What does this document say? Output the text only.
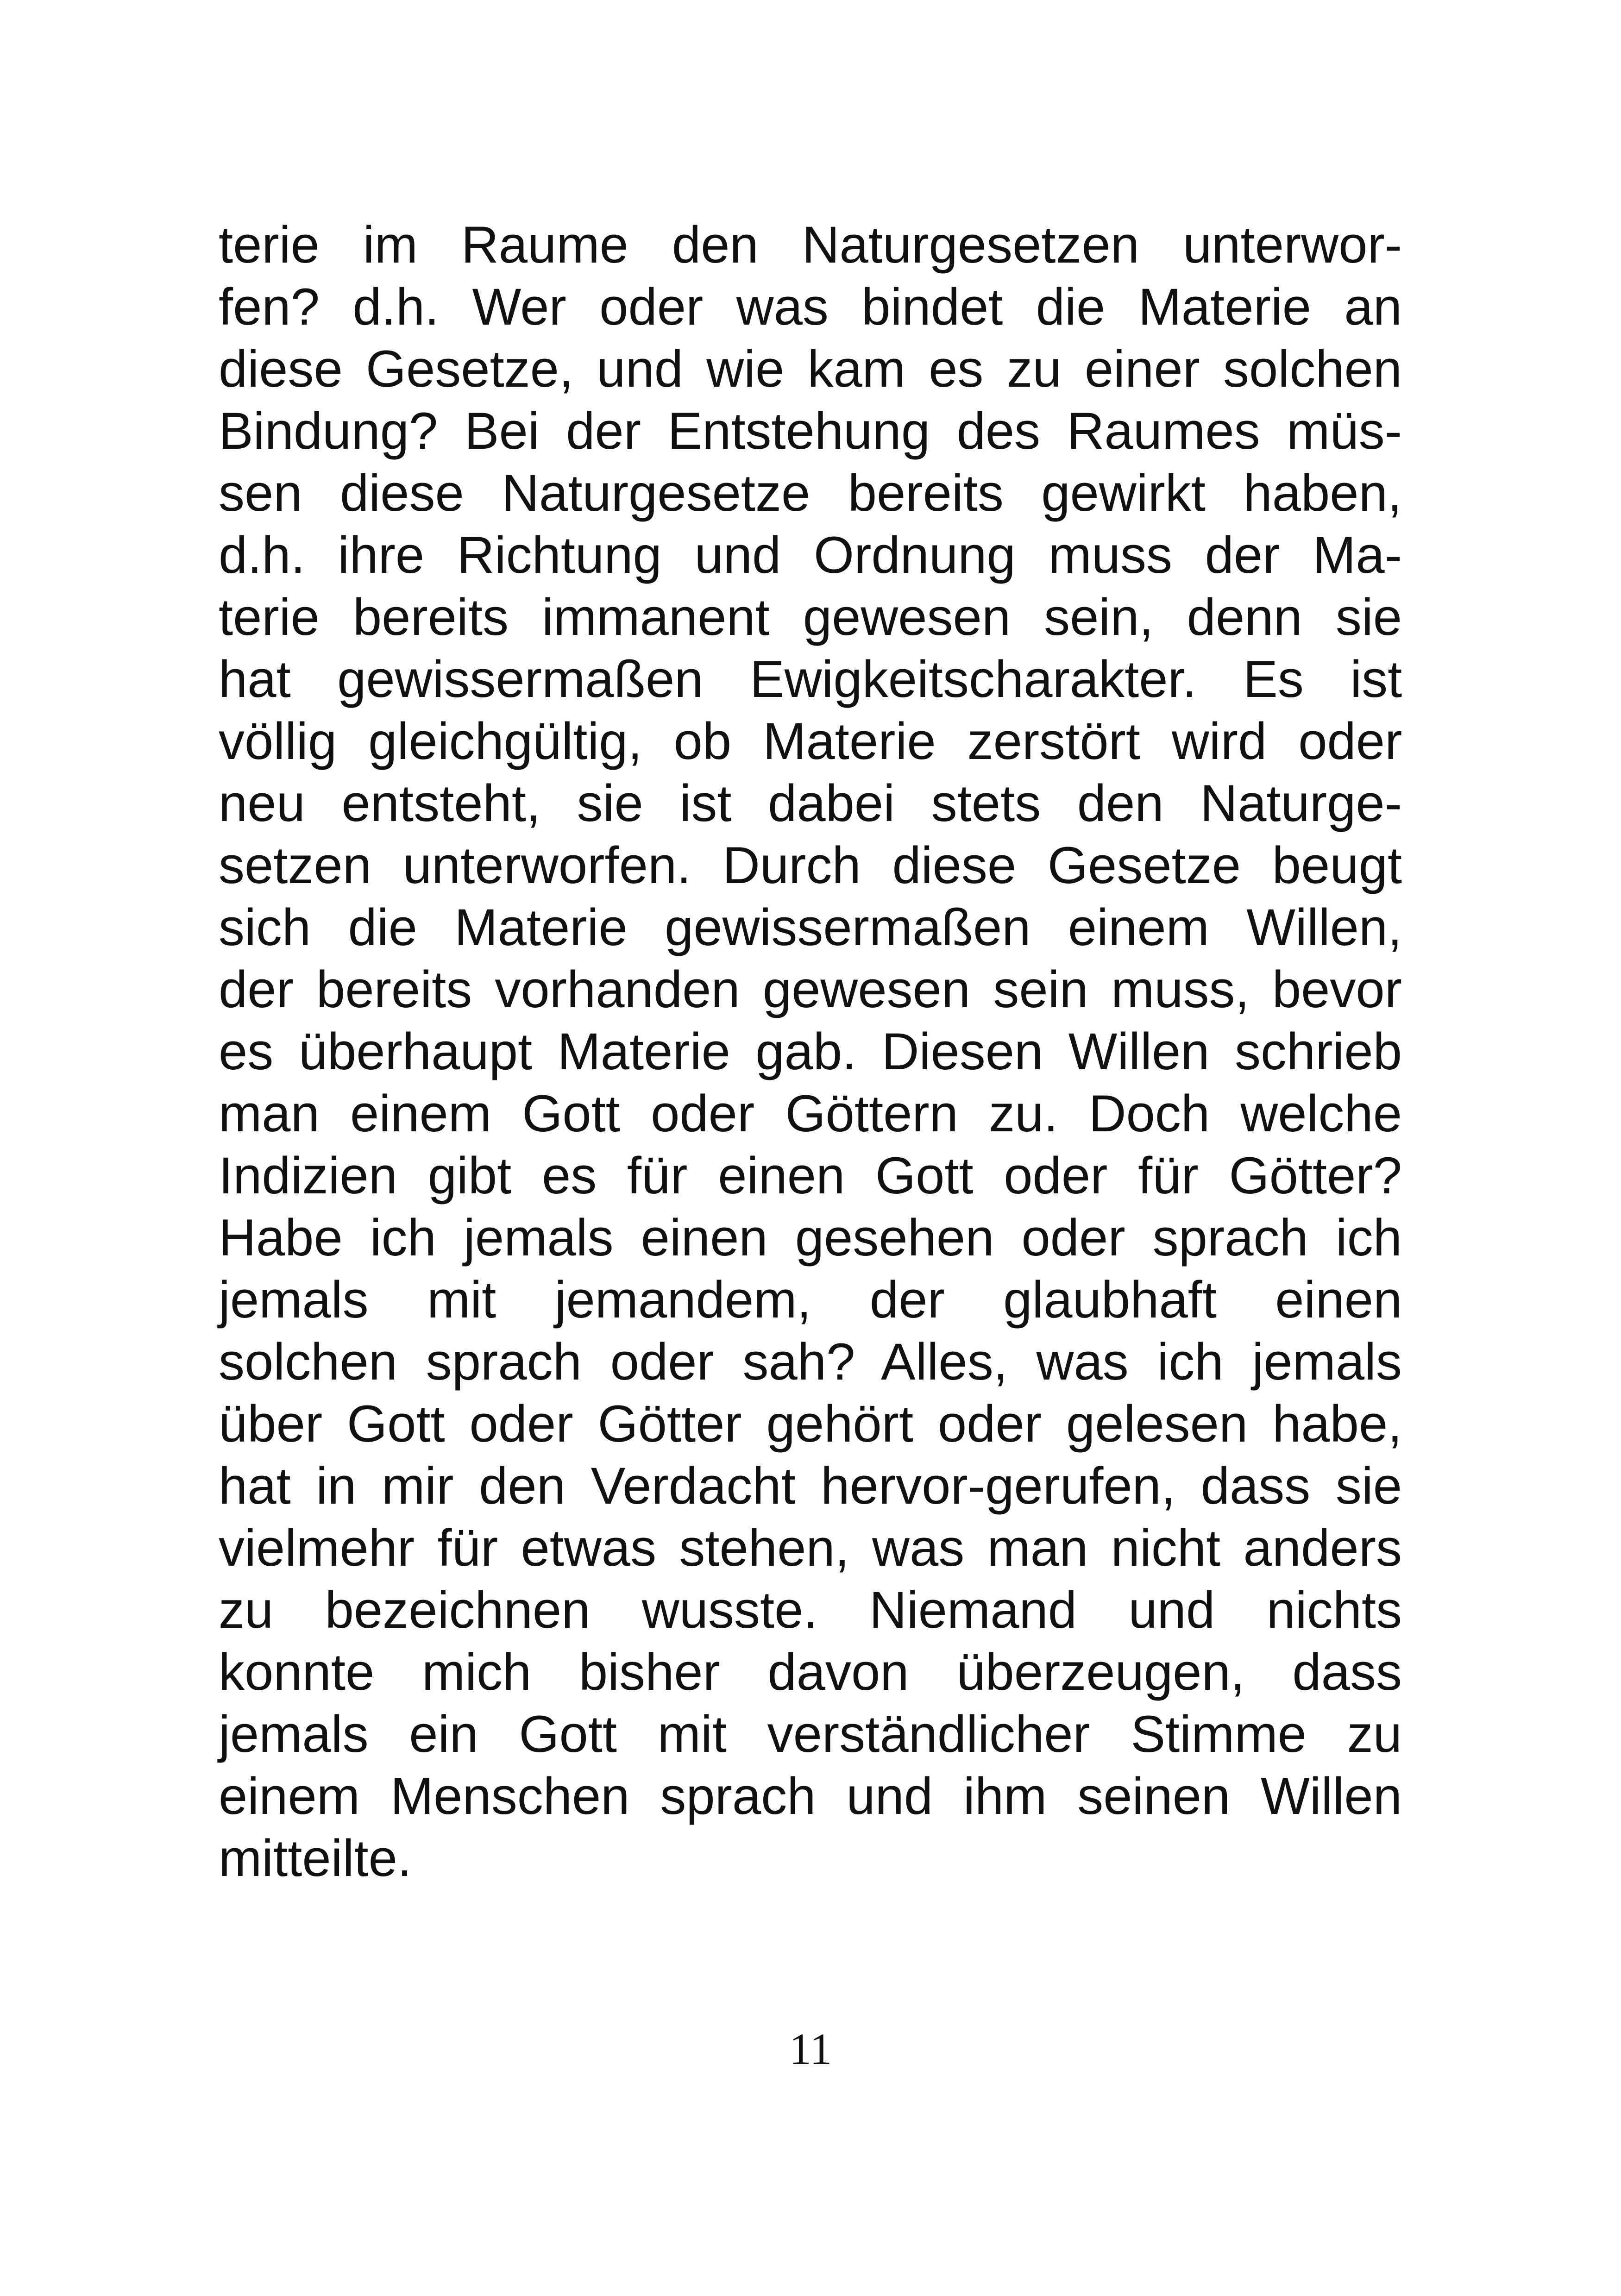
terie im Raume den Naturgesetzen unterwor-
fen? d.h. Wer oder was bindet die Materie an
diese Gesetze, und wie kam es zu einer solchen
Bindung? Bei der Entstehung des Raumes müs-
sen diese Naturgesetze bereits gewirkt haben,
d.h. ihre Richtung und Ordnung muss der Ma-
terie bereits immanent gewesen sein, denn sie
hat gewissermaßen Ewigkeitscharakter. Es ist
völlig gleichgültig, ob Materie zerstört wird oder
neu entsteht, sie ist dabei stets den Naturge-
setzen unterworfen. Durch diese Gesetze beugt
sich die Materie gewissermaßen einem Willen,
der bereits vorhanden gewesen sein muss, bevor
es überhaupt Materie gab. Diesen Willen schrieb
man einem Gott oder Göttern zu. Doch welche
Indizien gibt es für einen Gott oder für Götter?
Habe ich jemals einen gesehen oder sprach ich
jemals mit jemandem, der glaubhaft einen
solchen sprach oder sah? Alles, was ich jemals
über Gott oder Götter gehört oder gelesen habe,
hat in mir den Verdacht hervor-gerufen, dass sie
vielmehr für etwas stehen, was man nicht anders
zu bezeichnen wusste. Niemand und nichts
konnte mich bisher davon überzeugen, dass
jemals ein Gott mit verständlicher Stimme zu
einem Menschen sprach und ihm seinen Willen
mitteilte.
11
